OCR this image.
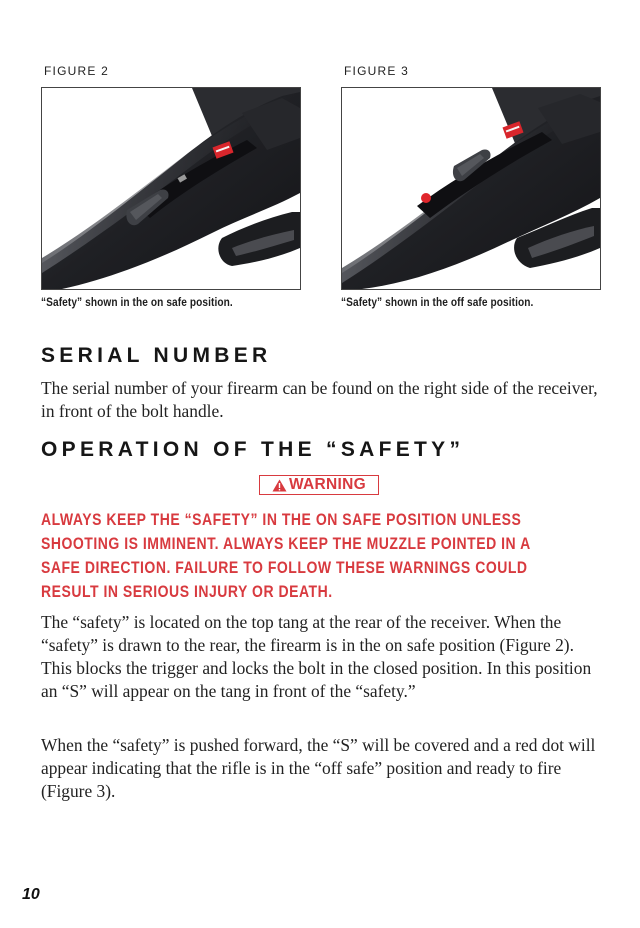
FIGURE 2
“Safety” shown in the on safe position.
FIGURE 3
“Safety” shown in the off safe position.
SERIAL NUMBER
The serial number of your firearm can be found on the right side of the receiver, in front of the bolt handle.
OPERATION OF THE “SAFETY”
WARNING
ALWAYS KEEP THE “SAFETY” IN THE ON SAFE POSITION UNLESS SHOOTING IS IMMINENT. ALWAYS KEEP THE MUZZLE POINTED IN A SAFE DIRECTION. FAILURE TO FOLLOW THESE WARNINGS COULD RESULT IN SERIOUS INJURY OR DEATH.
The “safety” is located on the top tang at the rear of the receiver. When the “safety” is drawn to the rear, the firearm is in the on safe position (Figure 2). This blocks the trigger and locks the bolt in the closed position. In this position an “S” will appear on the tang in front of the “safety.”
When the “safety” is pushed forward, the “S” will be covered and a red dot will appear indicating that the rifle is in the “off safe” position and ready to fire (Figure 3).
10
